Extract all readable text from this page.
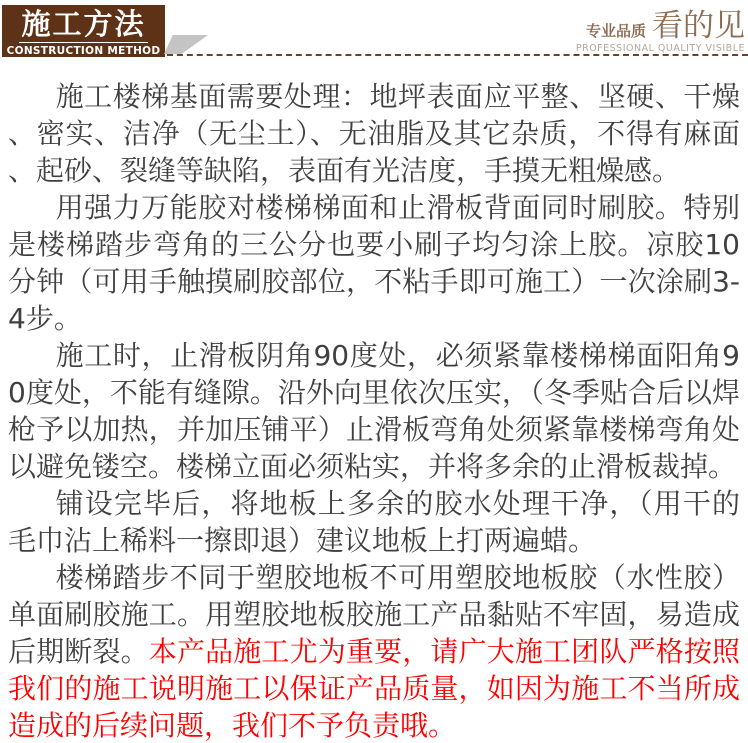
施工方法
CONSTRUCTION METHOD
专业品质 看的见
PROFESSIONAL QUALITY VISIBLE

施工楼梯基面需要处理：地坪表面应平整、坚硬、干燥、密实、洁净（无尘土）、无油脂及其它杂质，不得有麻面、起砂、裂缝等缺陷，表面有光洁度，手摸无粗燥感。

用强力万能胶对楼梯梯面和止滑板背面同时刷胶。特别是楼梯踏步弯角的三公分也要小刷子均匀涂上胶。凉胶10分钟（可用手触摸刷胶部位，不粘手即可施工）一次涂刷3-4步。

施工时，止滑板阴角90度处，必须紧靠楼梯梯面阳角90度处，不能有缝隙。沿外向里依次压实，（冬季贴合后以焊枪予以加热，并加压铺平）止滑板弯角处须紧靠楼梯弯角处以避免镂空。楼梯立面必须粘实，并将多余的止滑板裁掉。

铺设完毕后，将地板上多余的胶水处理干净，（用干的毛巾沾上稀料一擦即退）建议地板上打两遍蜡。

楼梯踏步不同于塑胶地板不可用塑胶地板胶（水性胶）单面刷胶施工。用塑胶地板胶施工产品黏贴不牢固，易造成后期断裂。本产品施工尤为重要，请广大施工团队严格按照我们的施工说明施工以保证产品质量，如因为施工不当所成造成的后续问题，我们不予负责哦。
